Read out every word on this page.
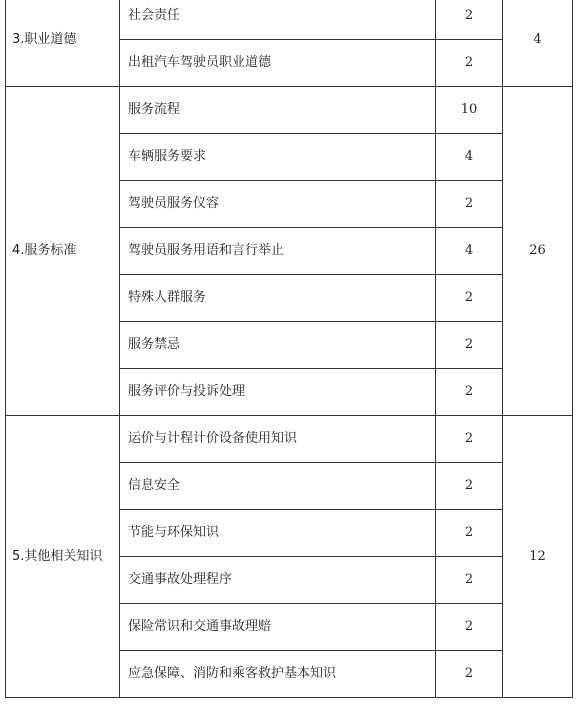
3.职业道德	社会责任	2	4
	出租汽车驾驶员职业道德	2	
4.服务标准	服务流程	10	26
	车辆服务要求	4	
	驾驶员服务仪容	2	
	驾驶员服务用语和言行举止	4	
	特殊人群服务	2	
	服务禁忌	2	
	服务评价与投诉处理	2	
5.其他相关知识	运价与计程计价设备使用知识	2	12
	信息安全	2	
	节能与环保知识	2	
	交通事故处理程序	2	
	保险常识和交通事故理赔	2	
	应急保障、消防和乘客救护基本知识	2	
